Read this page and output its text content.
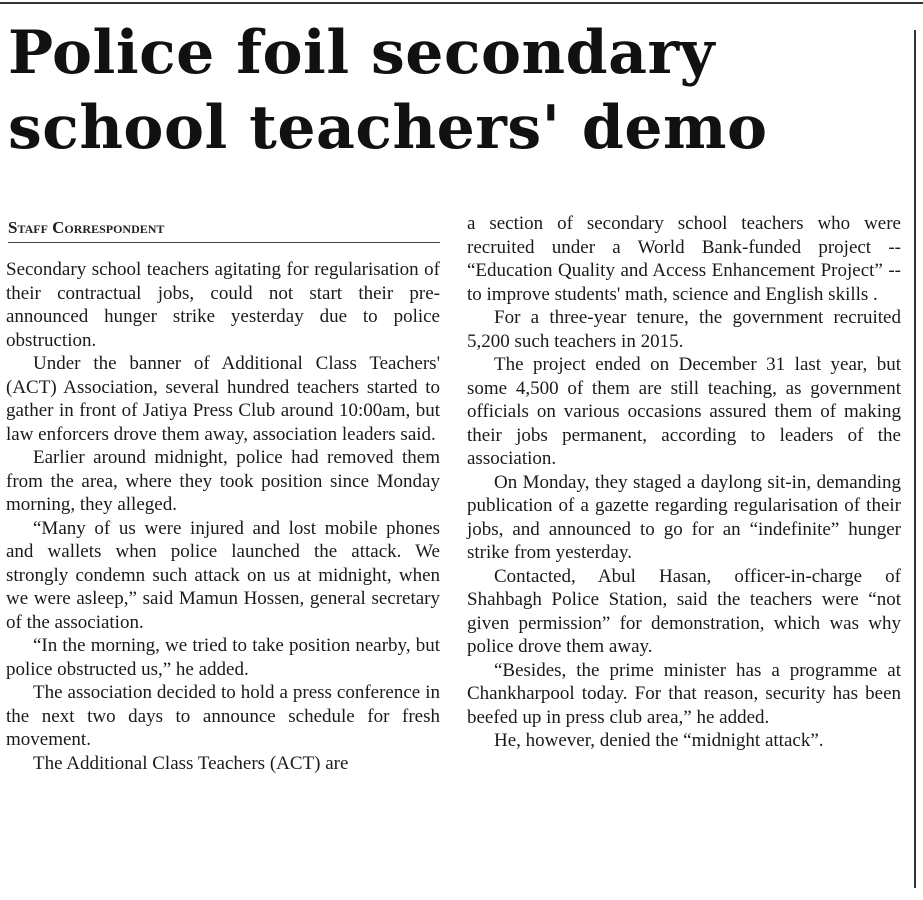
Police foil secondary
school teachers' demo
Staff Correspondent

Secondary school teachers agitating for regularisation of their contractual jobs, could not start their pre-announced hunger strike yesterday due to police obstruction.

Under the banner of Additional Class Teachers' (ACT) Association, several hundred teachers started to gather in front of Jatiya Press Club around 10:00am, but law enforcers drove them away, association leaders said.

Earlier around midnight, police had removed them from the area, where they took position since Monday morning, they alleged.

“Many of us were injured and lost mobile phones and wallets when police launched the attack. We strongly condemn such attack on us at midnight, when we were asleep,” said Mamun Hossen, general secretary of the association.

“In the morning, we tried to take position nearby, but police obstructed us,” he added.

The association decided to hold a press conference in the next two days to announce schedule for fresh movement.

The Additional Class Teachers (ACT) are

a section of secondary school teachers who were recruited under a World Bank-funded project -- “Education Quality and Access Enhancement Project” -- to improve students' math, science and English skills .

For a three-year tenure, the government recruited 5,200 such teachers in 2015.

The project ended on December 31 last year, but some 4,500 of them are still teaching, as government officials on various occasions assured them of making their jobs permanent, according to leaders of the association.

On Monday, they staged a daylong sit-in, demanding publication of a gazette regarding regularisation of their jobs, and announced to go for an “indefinite” hunger strike from yesterday.

Contacted, Abul Hasan, officer-in-charge of Shahbagh Police Station, said the teachers were “not given permission” for demonstration, which was why police drove them away.

“Besides, the prime minister has a programme at Chankharpool today. For that reason, security has been beefed up in press club area,” he added.

He, however, denied the “midnight attack”.
